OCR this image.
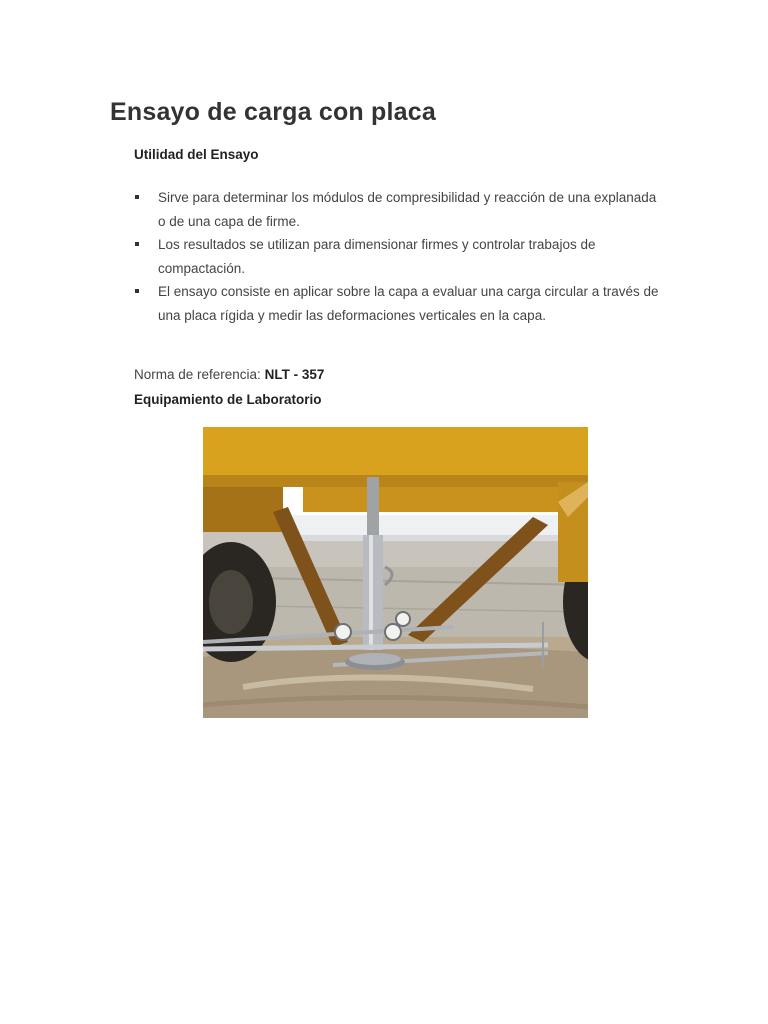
Ensayo de carga con placa
Utilidad del Ensayo
Sirve para determinar los módulos de compresibilidad y reacción de una explanada o de una capa de firme.
Los resultados se utilizan para dimensionar firmes y controlar trabajos de compactación.
El ensayo consiste en aplicar sobre la capa a evaluar una carga circular a través de una placa rígida y medir las deformaciones verticales en la capa.
Norma de referencia: NLT - 357
Equipamiento de Laboratorio
